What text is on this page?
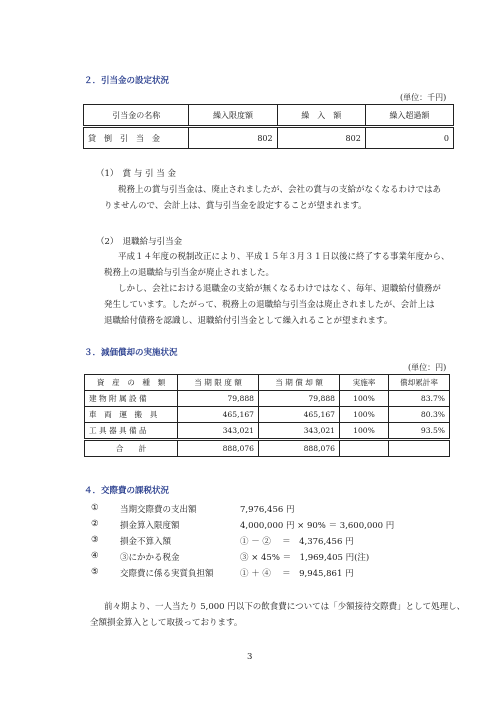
２．引当金の設定状況
(単位：千円)
引当金の名称	繰入限度額	繰　入　額	繰入超過額
貸　倒　引　当　金	802	802	0
（1）　賞 与 引 当 金
税務上の賞与引当金は、廃止されましたが、会社の賞与の支給がなくなるわけではあ
りませんので、会計上は、賞与引当金を設定することが望まれます。
（2）　退職給与引当金
平成１４年度の税制改正により、平成１５年３月３１日以後に終了する事業年度から、
税務上の退職給与引当金が廃止されました。
しかし、会社における退職金の支給が無くなるわけではなく、毎年、退職給付債務が
発生しています。したがって、税務上の退職給与引当金は廃止されましたが、会計上は
退職給付債務を認識し、退職給付引当金として繰入れることが望まれます。
３．減価償却の実施状況
(単位：円)
資　産　の　種　類	当 期 限 度 額	当 期 償 却 額	実施率	償却累計率
建 物 附 属 設 備	79,888	79,888	100%	83.7%
車　両　運　搬　具	465,167	465,167	100%	80.3%
工 具 器 具 備 品	343,021	343,021	100%	93.5%
合　　計	888,076	888,076		
４．交際費の課税状況
①	当期交際費の支出額	7,976,456 円
②	損金算入限度額	4,000,000 円 × 90% ＝ 3,600,000 円
③	損金不算入額	① － ②　 ＝　4,376,456 円
④	③にかかる税金	③ × 45% ＝　1,969,405 円(注)
⑤	交際費に係る実質負担額	① ＋ ④　 ＝　9,945,861 円
前々期より、一人当たり 5,000 円以下の飲食費については「少額接待交際費」として処理し、
全額損金算入として取扱っております。
3
